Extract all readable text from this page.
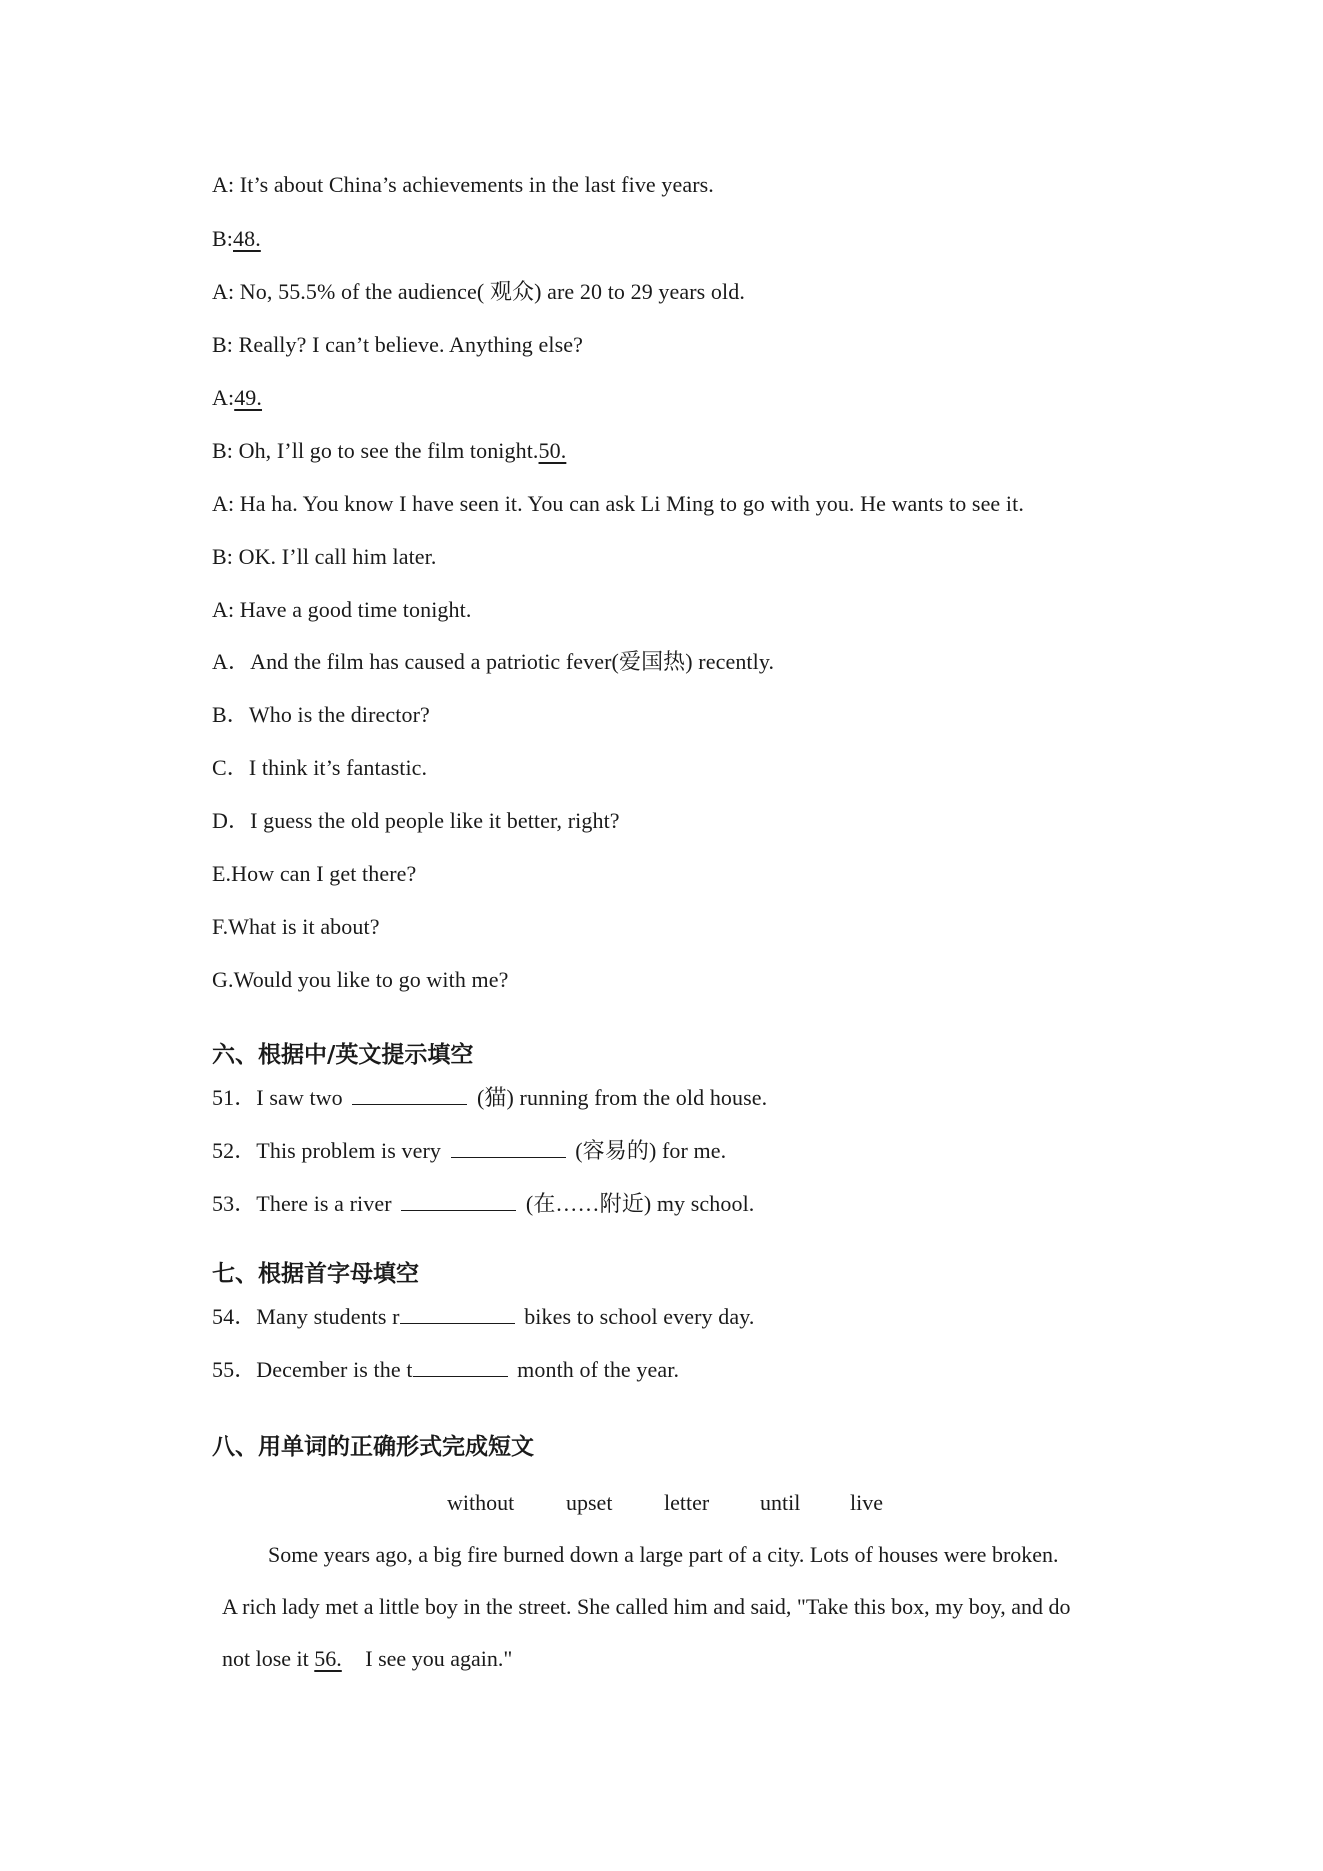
A: It’s about China’s achievements in the last five years.
B:48.
A: No, 55.5% of the audience( 观众) are 20 to 29 years old.
B: Really? I can’t believe. Anything else?
A:49.
B: Oh, I’ll go to see the film tonight.50.
A: Ha ha. You know I have seen it. You can ask Li Ming to go with you. He wants to see it.
B: OK. I’ll call him later.
A: Have a good time tonight.
A．And the film has caused a patriotic fever(爱国热) recently.
B．Who is the director?
C．I think it’s fantastic.
D．I guess the old people like it better, right?
E.How can I get there?
F.What is it about?
G.Would you like to go with me?
六、根据中/英文提示填空
51．I saw two	(猫) running from the old house.
52．This problem is very	(容易的) for me.
53．There is a river	(在……附近) my school.
七、根据首字母填空
54．Many students r	bikes to school every day.
55．December is the t	month of the year.
八、用单词的正确形式完成短文
without upset letter until live

Some years ago, a big fire burned down a large part of a city. Lots of houses were broken.

A rich lady met a little boy in the street. She called him and said, "Take this box, my boy, and do

not lose it 56. I see you again."
